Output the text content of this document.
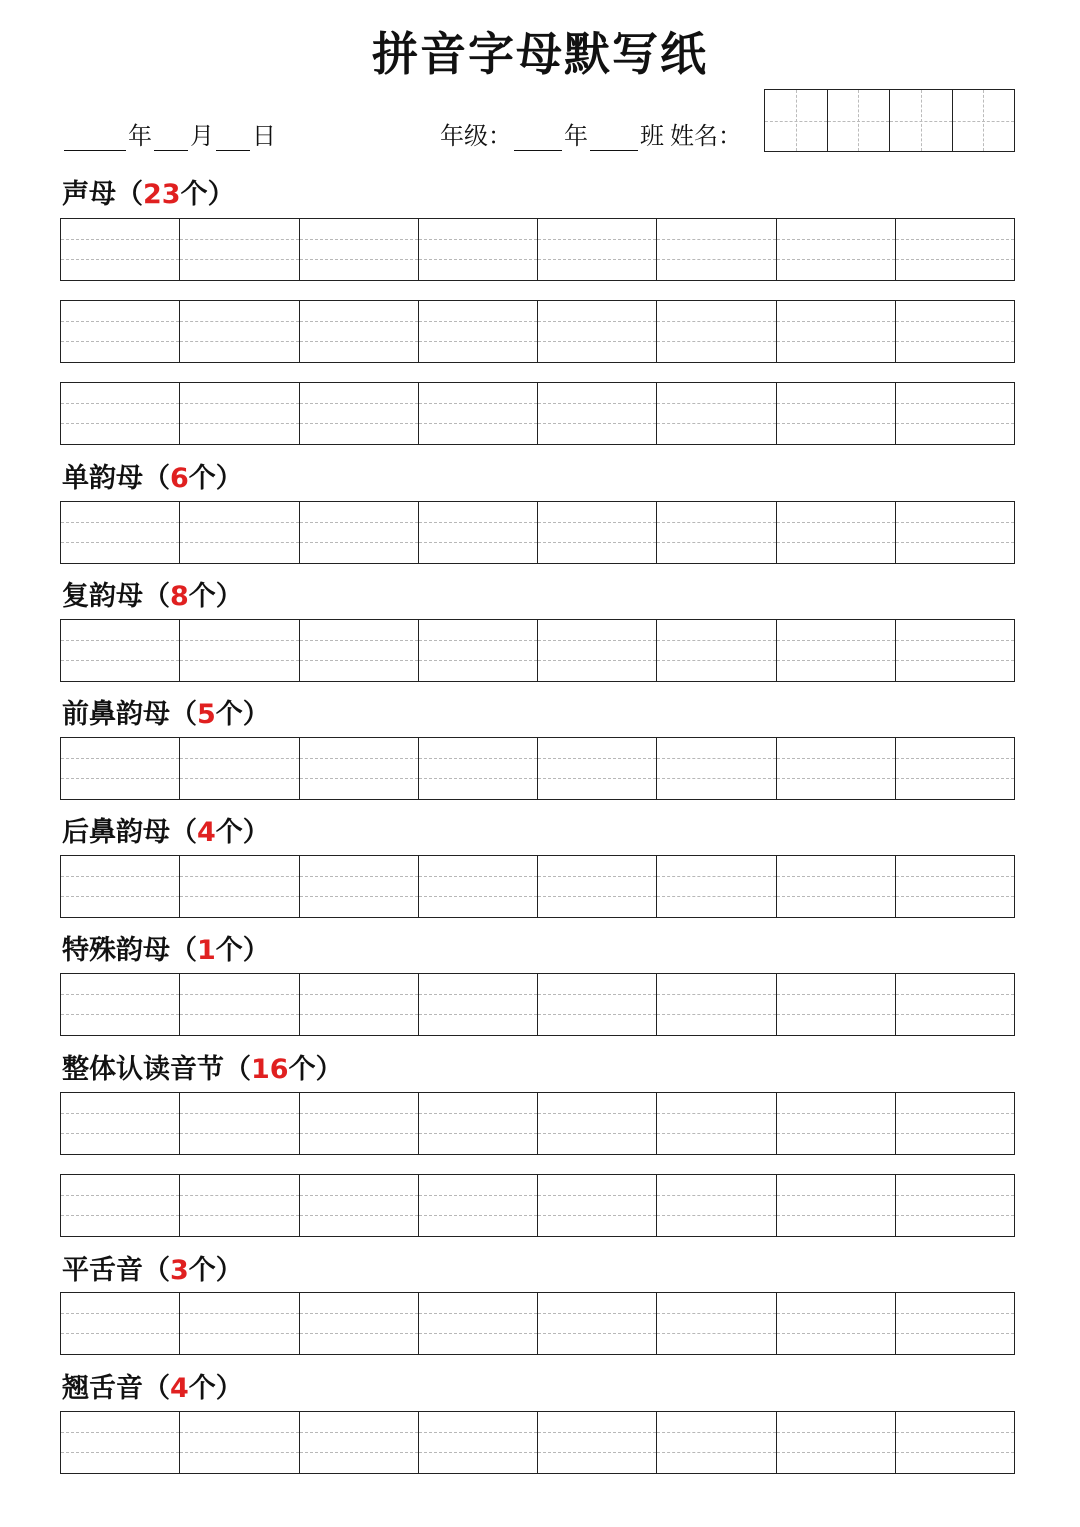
拼音字母默写纸
年 月 日	年级： 年 班 姓名：
声母（23个）
单韵母（6个）
复韵母（8个）
前鼻韵母（5个）
后鼻韵母（4个）
特殊韵母（1个）
整体认读音节（16个）
平舌音（3个）
翘舌音（4个）
